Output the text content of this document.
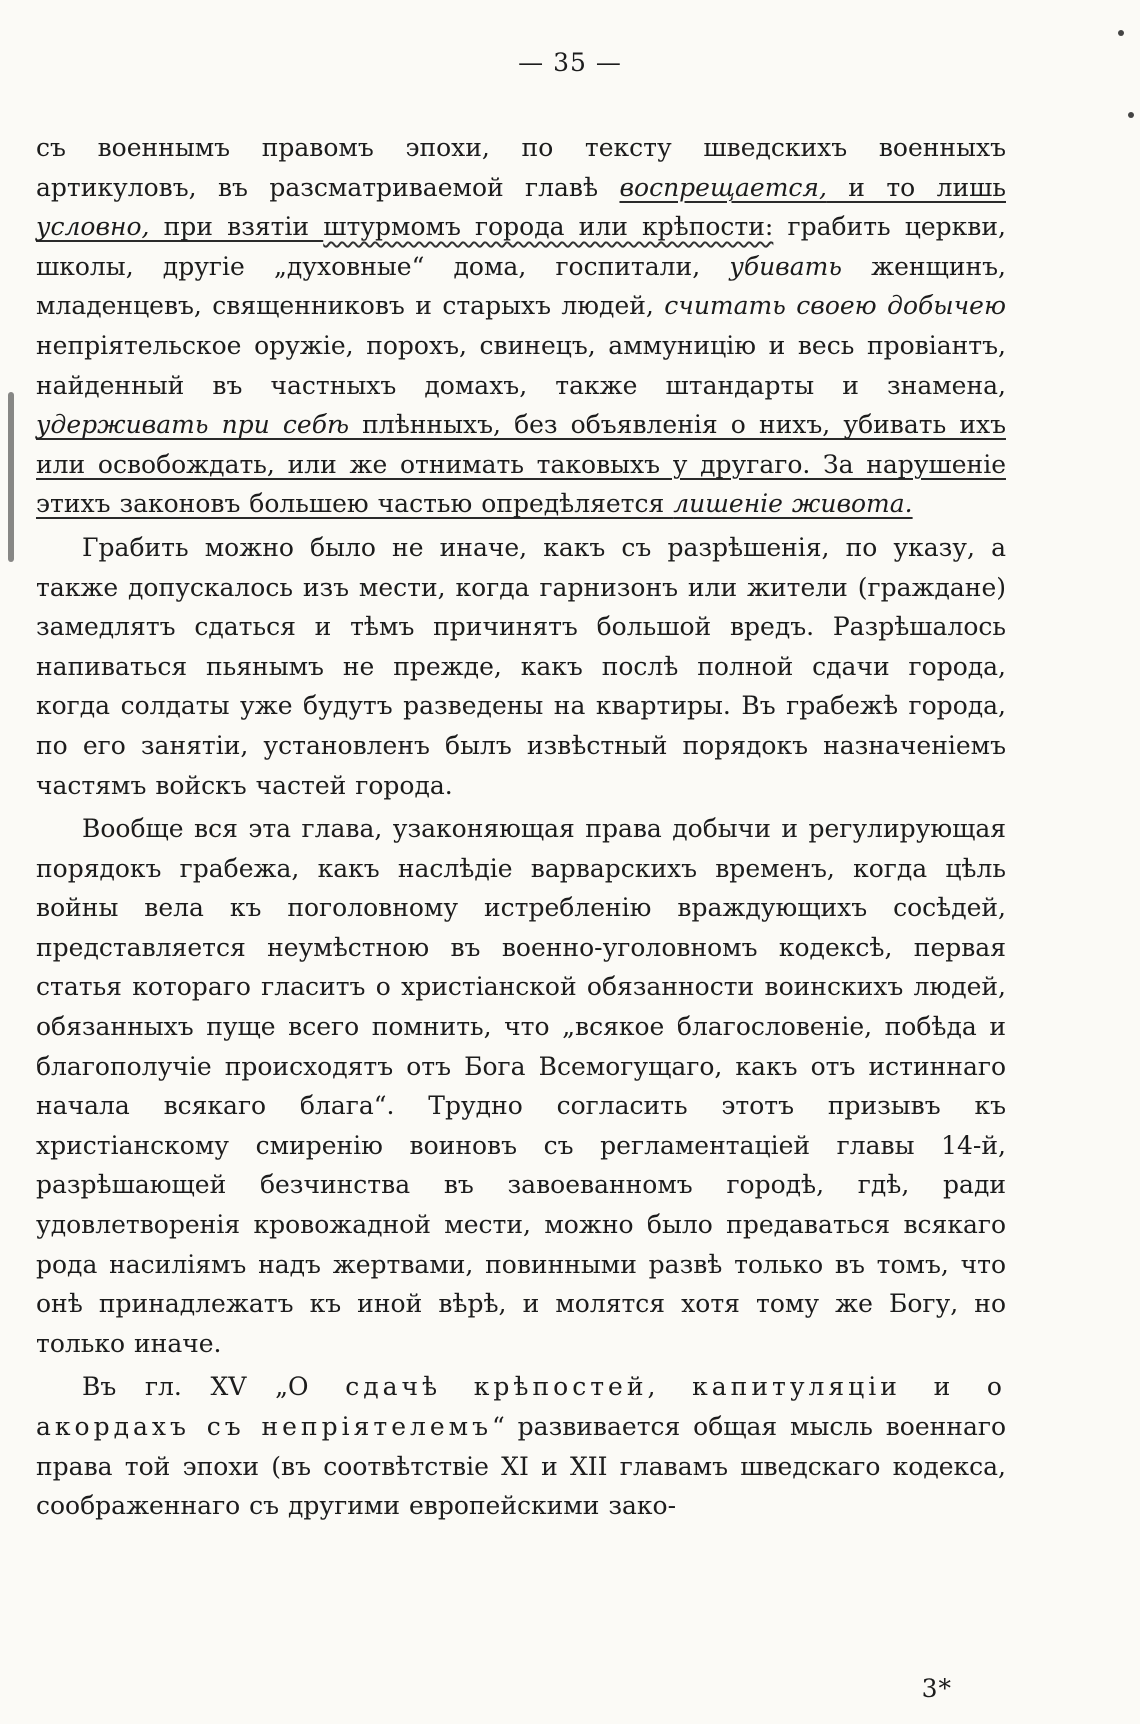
— 35 —

съ военнымъ правомъ эпохи, по тексту шведскихъ военныхъ артикуловъ, въ разсматриваемой главѣ воспрещается, и то лишь условно, при взятіи штурмомъ города или крѣпости: грабить церкви, школы, другіе „духовные“ дома, госпитали, убивать женщинъ, младенцевъ, священниковъ и старыхъ людей, считать своею добычею непріятельское оружіе, порохъ, свинецъ, аммуницію и весь провіантъ, найденный въ частныхъ домахъ, также штандарты и знамена, удерживать при себѣ плѣнныхъ, без объявленія о нихъ, убивать ихъ или освобождать, или же отнимать таковыхъ у другаго. За нарушеніе этихъ законовъ большею частью опредѣляется лишеніе живота.

Грабить можно было не иначе, какъ съ разрѣшенія, по указу, а также допускалось изъ мести, когда гарнизонъ или жители (граждане) замедлятъ сдаться и тѣмъ причинятъ большой вредъ. Разрѣшалось напиваться пьянымъ не прежде, какъ послѣ полной сдачи города, когда солдаты уже будутъ разведены на квартиры. Въ грабежѣ города, по его занятіи, установленъ былъ извѣстный порядокъ назначеніемъ частямъ войскъ частей города.

Вообще вся эта глава, узаконяющая права добычи и регулирующая порядокъ грабежа, какъ наслѣдіе варварскихъ временъ, когда цѣль войны вела къ поголовному истребленію враждующихъ сосѣдей, представляется неумѣстною въ военно-уголовномъ кодексѣ, первая статья котораго гласитъ о христіанской обязанности воинскихъ людей, обязанныхъ пуще всего помнить, что „всякое благословеніе, побѣда и благополучіе происходятъ отъ Бога Всемогущаго, какъ отъ истиннаго начала всякаго блага“. Трудно согласить этотъ призывъ къ христіанскому смиренію воиновъ съ регламентаціей главы 14-й, разрѣшающей безчинства въ завоеванномъ городѣ, гдѣ, ради удовлетворенія кровожадной мести, можно было предаваться всякаго рода насиліямъ надъ жертвами, повинными развѣ только въ томъ, что онѣ принадлежатъ къ иной вѣрѣ, и молятся хотя тому же Богу, но только иначе.

Въ гл. XV „О сдачѣ крѣпостей, капитуляціи и о акордахъ съ непріятелемъ“ развивается общая мысль военнаго права той эпохи (въ соотвѣтствіе XI и XII главамъ шведскаго кодекса, соображеннаго съ другими европейскими зако-

3*
